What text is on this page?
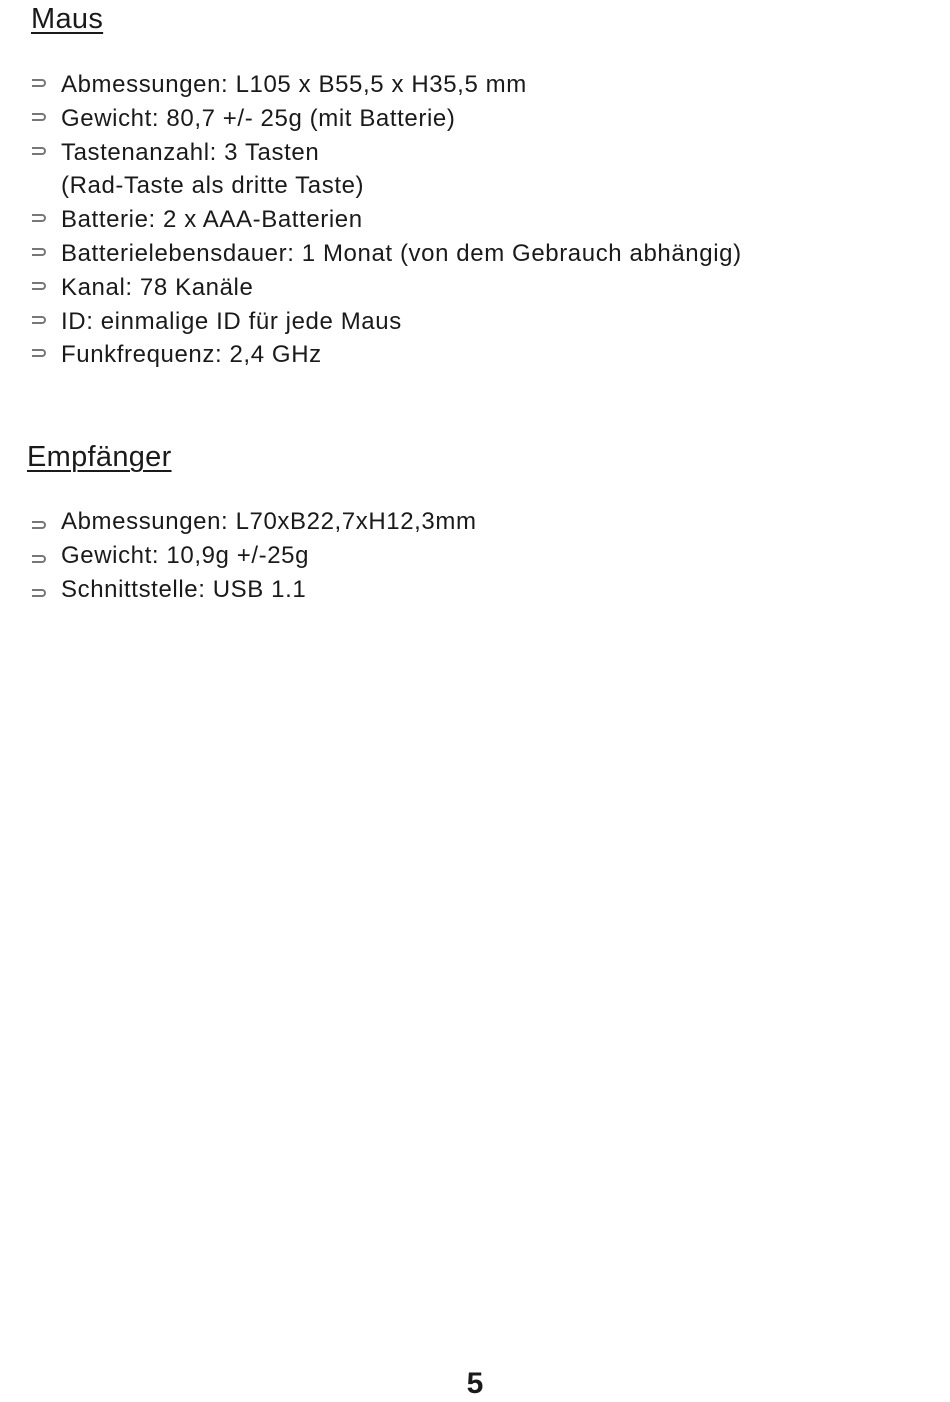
Maus
Abmessungen: L105 x B55,5 x H35,5 mm
Gewicht: 80,7 +/- 25g (mit Batterie)
Tastenanzahl: 3 Tasten
(Rad-Taste als dritte Taste)
Batterie: 2 x AAA-Batterien
Batterielebensdauer: 1 Monat (von dem Gebrauch abhängig)
Kanal: 78 Kanäle
ID: einmalige ID für jede Maus
Funkfrequenz: 2,4 GHz
Empfänger
Abmessungen: L70xB22,7xH12,3mm
Gewicht: 10,9g +/-25g
Schnittstelle: USB 1.1
5
